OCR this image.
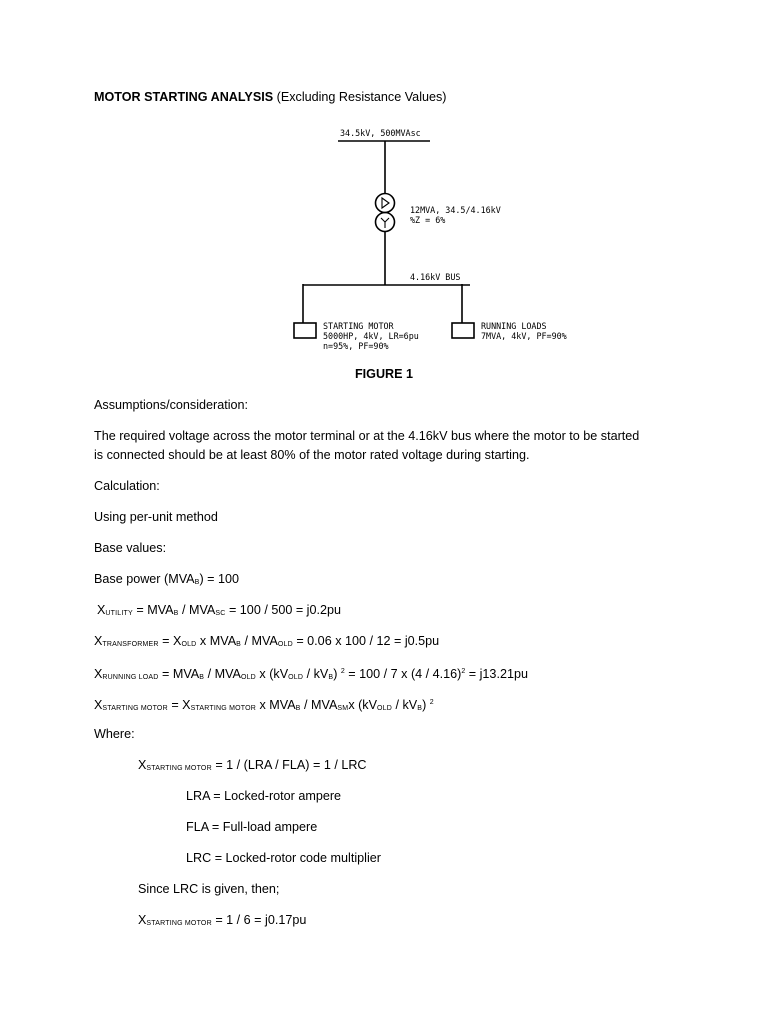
MOTOR STARTING ANALYSIS (Excluding Resistance Values)
34.5kV, 500MVAsc
12MVA, 34.5/4.16kV
%Z = 6%
4.16kV BUS
STARTING MOTOR
5000HP, 4kV, LR=6pu
n=95%, PF=90%
RUNNING LOADS
7MVA, 4kV, PF=90%
FIGURE 1
Assumptions/consideration:
The required voltage across the motor terminal or at the 4.16kV bus where the motor to be started
is connected should be at least 80% of the motor rated voltage during starting.
Calculation:
Using per-unit method
Base values:
Base power $(MVA_B) = 100$
$X_{UTILITY} = MVA_B / MVA_{SC} = 100 / 500 = j0.2pu$
$X_{TRANSFORMER} = X_{OLD}$ x $MVA_B / MVA_{OLD} = 0.06$ x 100 / 12 = j0.5pu
$X_{RUNNING LOAD} = MVA_B / MVA_{OLD}$ x $(kV_{OLD} / kV_B) ^2 = 100 / 7$ x (4 / 4.16)$^2$ = j13.21pu
$X_{STARTING MOTOR} = X_{STARTING MOTOR}$ x $MVA_B / MVA_{SM}x$ $(kV_{OLD} / kV_B)$ $^2$
Where:
$X_{STARTING MOTOR} = 1 / (LRA / FLA) = 1$ / LRC
LRA = Locked-rotor ampere
FLA = Full-load ampere
LRC = Locked-rotor code multiplier
Since LRC is given, then;
$X_{STARTING MOTOR} = 1 / 6 = j0.17pu$
